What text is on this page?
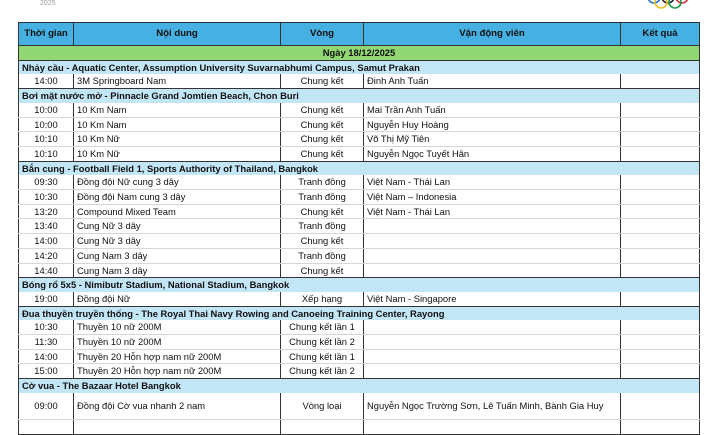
2025
Thời gian	Nội dung	Vòng	Vận động viên	Kết quả
Ngày 18/12/2025				
Nhảy cầu - Aquatic Center, Assumption University Suvarnabhumi Campus, Samut Prakan				
14:00	3M Springboard Nam	Chung kết	Đinh Anh Tuấn	
Bơi mặt nước mở - Pinnacle Grand Jomtien Beach, Chon Buri				
10:00	10 Km Nam	Chung kết	Mai Trần Anh Tuấn	
10:00	10 Km Nam	Chung kết	Nguyễn Huy Hoàng	
10:10	10 Km Nữ	Chung kết	Võ Thị Mỹ Tiên	
10:10	10 Km Nữ	Chung kết	Nguyễn Ngọc Tuyết Hân	
Bắn cung - Football Field 1, Sports Authority of Thailand, Bangkok				
09:30	Đồng đội Nữ cung 3 dây	Tranh đồng	Việt Nam - Thái Lan	
10:30	Đồng đội Nam cung 3 dây	Tranh đồng	Việt Nam – Indonesia	
13:20	Compound Mixed Team	Chung kết	Việt Nam - Thái Lan	
13:40	Cung Nữ 3 dây	Tranh đồng		
14:00	Cung Nữ 3 dây	Chung kết		
14:20	Cung Nam 3 dây	Tranh đồng		
14:40	Cung Nam 3 dây	Chung kết		
Bóng rổ 5x5 - Nimibutr Stadium, National Stadium, Bangkok				
19:00	Đồng đội Nữ	Xếp hạng	Việt Nam - Singapore	
Đua thuyền truyền thống - The Royal Thai Navy Rowing and Canoeing Training Center, Rayong				
10:30	Thuyền 10 nữ 200M	Chung kết lần 1		
11:30	Thuyền 10 nữ 200M	Chung kết lần 2		
14:00	Thuyền 20 Hỗn hợp nam nữ 200M	Chung kết lần 1		
15:00	Thuyền 20 Hỗn hợp nam nữ 200M	Chung kết lần 2		
Cờ vua - The Bazaar Hotel Bangkok				
09:00	Đồng đội Cờ vua nhanh 2 nam	Vòng loại	Nguyễn Ngọc Trường Sơn, Lê Tuấn Minh, Bành Gia Huy	
